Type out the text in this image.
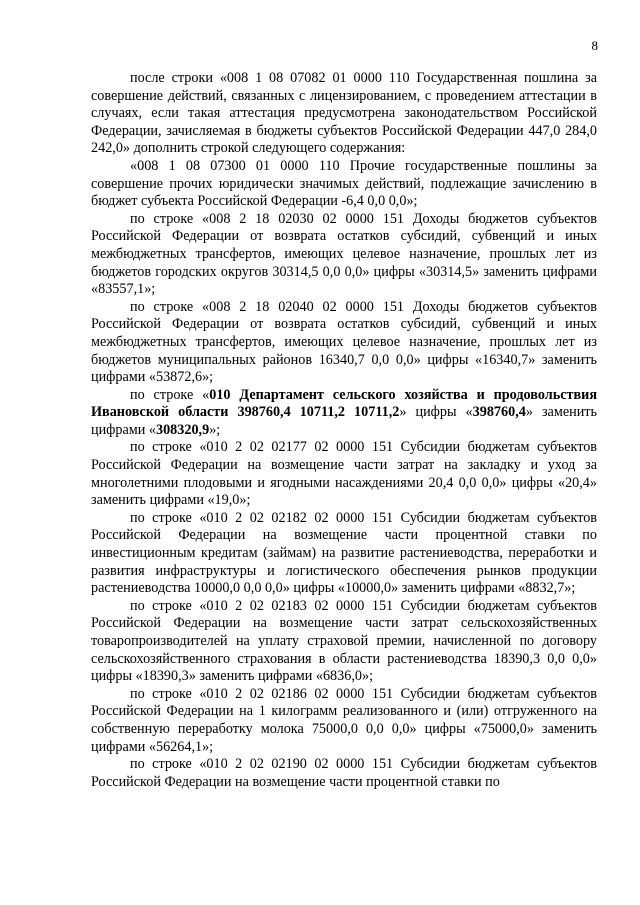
8

после строки «008 1 08 07082 01 0000 110 Государственная пошлина за совершение действий, связанных с лицензированием, с проведением аттестации в случаях, если такая аттестация предусмотрена законодательством Российской Федерации, зачисляемая в бюджеты субъектов Российской Федерации 447,0 284,0 242,0» дополнить строкой следующего содержания:

«008 1 08 07300 01 0000 110 Прочие государственные пошлины за совершение прочих юридически значимых действий, подлежащие зачислению в бюджет субъекта Российской Федерации -6,4 0,0 0,0»;

по строке «008 2 18 02030 02 0000 151 Доходы бюджетов субъектов Российской Федерации от возврата остатков субсидий, субвенций и иных межбюджетных трансфертов, имеющих целевое назначение, прошлых лет из бюджетов городских округов 30314,5 0,0 0,0» цифры «30314,5» заменить цифрами «83557,1»;

по строке «008 2 18 02040 02 0000 151 Доходы бюджетов субъектов Российской Федерации от возврата остатков субсидий, субвенций и иных межбюджетных трансфертов, имеющих целевое назначение, прошлых лет из бюджетов муниципальных районов 16340,7 0,0 0,0» цифры «16340,7» заменить цифрами «53872,6»;

по строке «010 Департамент сельского хозяйства и продовольствия Ивановской области 398760,4 10711,2 10711,2» цифры «398760,4» заменить цифрами «308320,9»;

по строке «010 2 02 02177 02 0000 151 Субсидии бюджетам субъектов Российской Федерации на возмещение части затрат на закладку и уход за многолетними плодовыми и ягодными насаждениями 20,4 0,0 0,0» цифры «20,4» заменить цифрами «19,0»;

по строке «010 2 02 02182 02 0000 151 Субсидии бюджетам субъектов Российской Федерации на возмещение части процентной ставки по инвестиционным кредитам (займам) на развитие растениеводства, переработки и развития инфраструктуры и логистического обеспечения рынков продукции растениеводства 10000,0 0,0 0,0» цифры «10000,0» заменить цифрами «8832,7»;

по строке «010 2 02 02183 02 0000 151 Субсидии бюджетам субъектов Российской Федерации на возмещение части затрат сельскохозяйственных товаропроизводителей на уплату страховой премии, начисленной по договору сельскохозяйственного страхования в области растениеводства 18390,3 0,0 0,0» цифры «18390,3» заменить цифрами «6836,0»;

по строке «010 2 02 02186 02 0000 151 Субсидии бюджетам субъектов Российской Федерации на 1 килограмм реализованного и (или) отгруженного на собственную переработку молока 75000,0 0,0 0,0» цифры «75000,0» заменить цифрами «56264,1»;

по строке «010 2 02 02190 02 0000 151 Субсидии бюджетам субъектов Российской Федерации на возмещение части процентной ставки по
